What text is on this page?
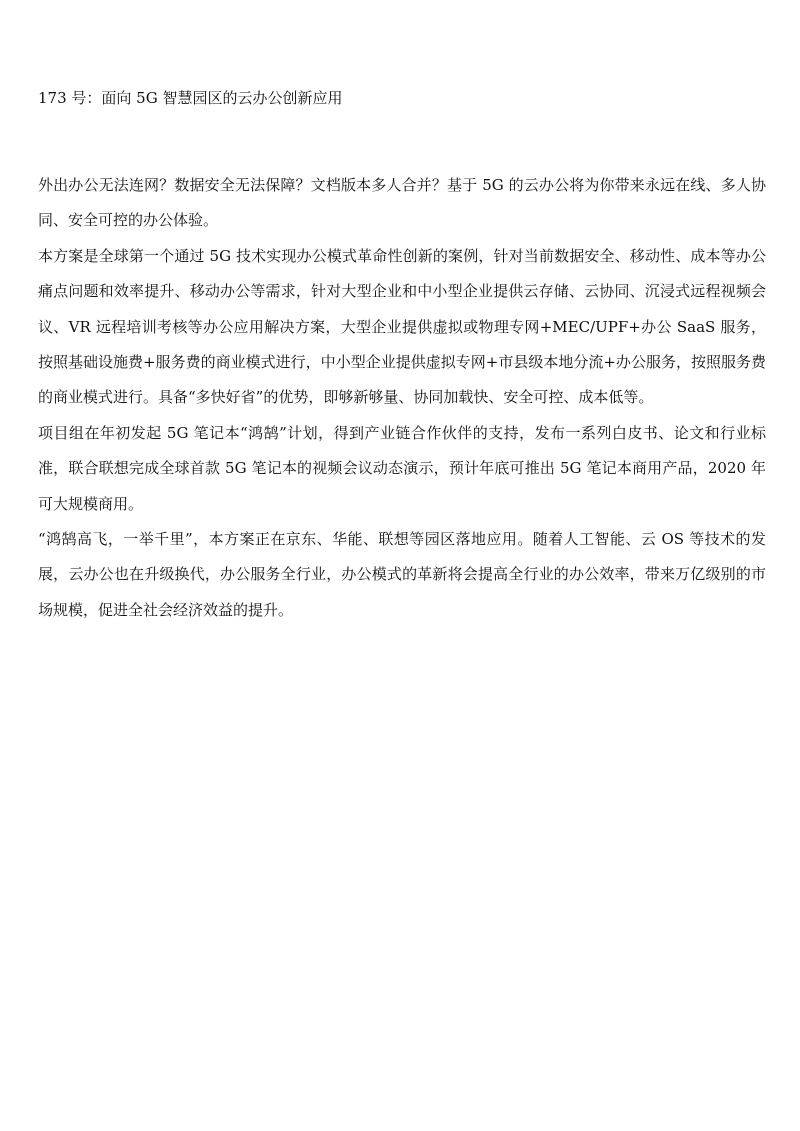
173 号：面向 5G 智慧园区的云办公创新应用

外出办公无法连网？数据安全无法保障？文档版本多人合并？基于 5G 的云办公将为你带来永远在线、多人协同、安全可控的办公体验。

本方案是全球第一个通过 5G 技术实现办公模式革命性创新的案例，针对当前数据安全、移动性、成本等办公痛点问题和效率提升、移动办公等需求，针对大型企业和中小型企业提供云存储、云协同、沉浸式远程视频会议、VR 远程培训考核等办公应用解决方案，大型企业提供虚拟或物理专网+MEC/UPF+办公 SaaS 服务，按照基础设施费+服务费的商业模式进行，中小型企业提供虚拟专网+市县级本地分流+办公服务，按照服务费的商业模式进行。具备“多快好省”的优势，即够新够量、协同加载快、安全可控、成本低等。

项目组在年初发起 5G 笔记本“鸿鹄”计划，得到产业链合作伙伴的支持，发布一系列白皮书、论文和行业标准，联合联想完成全球首款 5G 笔记本的视频会议动态演示，预计年底可推出 5G 笔记本商用产品，2020 年可大规模商用。

“鸿鹄高飞，一举千里”，本方案正在京东、华能、联想等园区落地应用。随着人工智能、云 OS 等技术的发展，云办公也在升级换代，办公服务全行业，办公模式的革新将会提高全行业的办公效率，带来万亿级别的市场规模，促进全社会经济效益的提升。
